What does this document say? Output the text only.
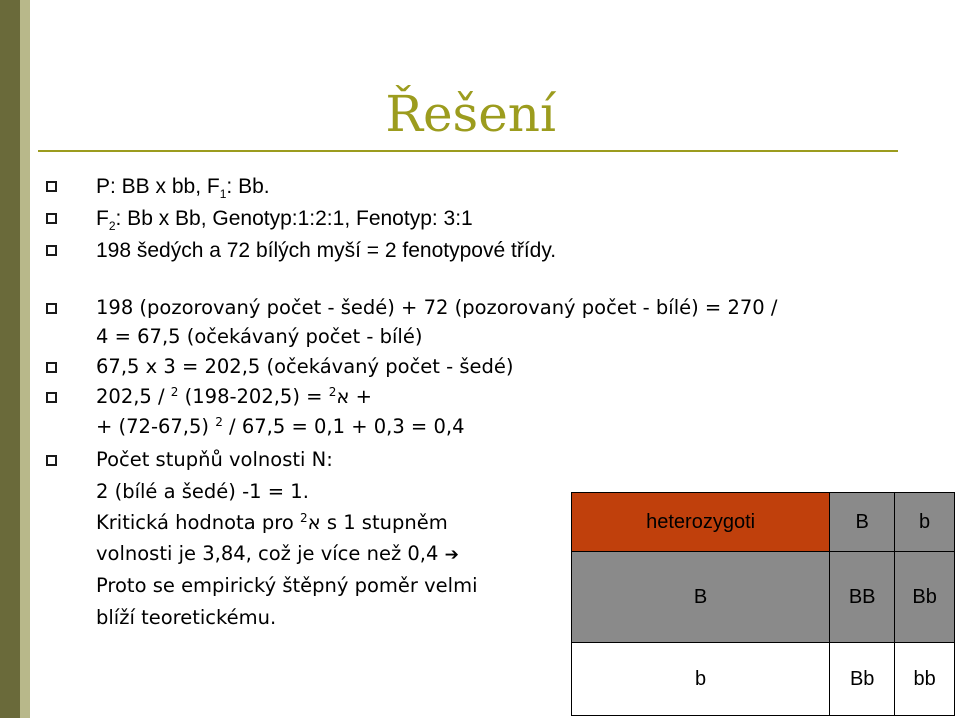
Řešení
P: BB x bb, $F_1$: Bb.
$F_2$: Bb x Bb, Genotyp:1:2:1, Fenotyp: 3:1
198 šedých a 72 bílých myší = 2 fenotypové třídy.
198 (pozorovaný počet - šedé) + 72 (pozorovaný počet - bílé) = 270 /
4 = 67,5 (očekávaný počet - bílé)
67,5 x 3 = 202,5 (očekávaný počet - šedé)
א$^2$ = (198-202,5) $^2$ / 202,5 +
+ (72-67,5) $^2$ / 67,5 = 0,1 + 0,3 = 0,4
Počet stupňů volnosti N:
2 (bílé a šedé) -1 = 1.
Kritická hodnota pro א$^2$ s 1 stupněm
volnosti je 3,84, což je více než 0,4 ➔
Proto se empirický štěpný poměr velmi
blíží teoretickému.
heterozygoti	B	b
B	BB	Bb
b	Bb	bb
